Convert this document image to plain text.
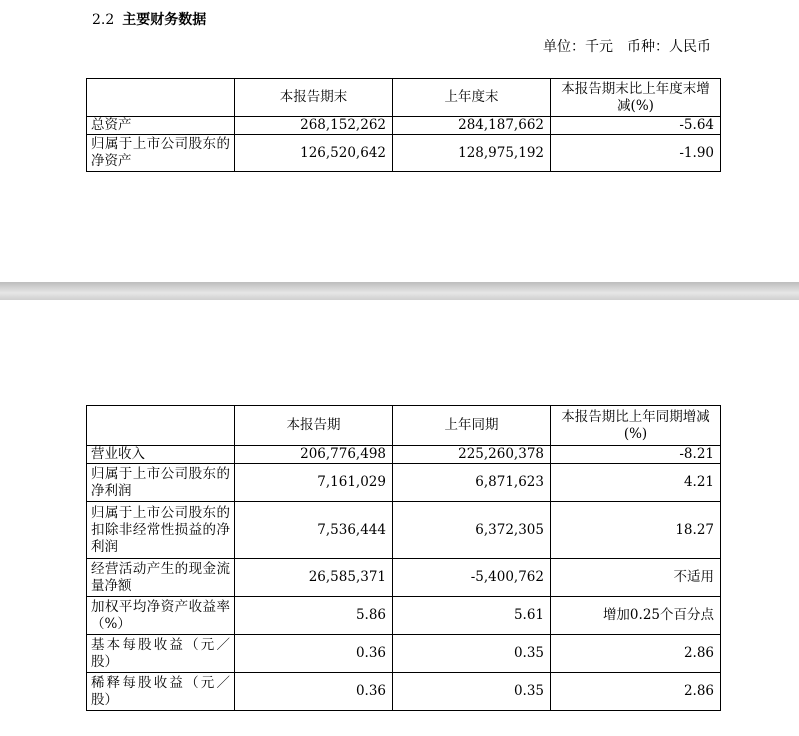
2.2 主要财务数据
单位：千元 币种：人民币
	本报告期末	上年度末	本报告期末比上年度末增减(%)
总资产	268,152,262	284,187,662	-5.64
归属于上市公司股东的净资产	126,520,642	128,975,192	-1.90
	本报告期	上年同期	本报告期比上年同期增减(%)
营业收入	206,776,498	225,260,378	-8.21
归属于上市公司股东的净利润	7,161,029	6,871,623	4.21
归属于上市公司股东的扣除非经常性损益的净利润	7,536,444	6,372,305	18.27
经营活动产生的现金流量净额	26,585,371	-5,400,762	不适用
加权平均净资产收益率（%）	5.86	5.61	增加0.25个百分点
基本每股收益（元／股）	0.36	0.35	2.86
稀释每股收益（元／股）	0.36	0.35	2.86
